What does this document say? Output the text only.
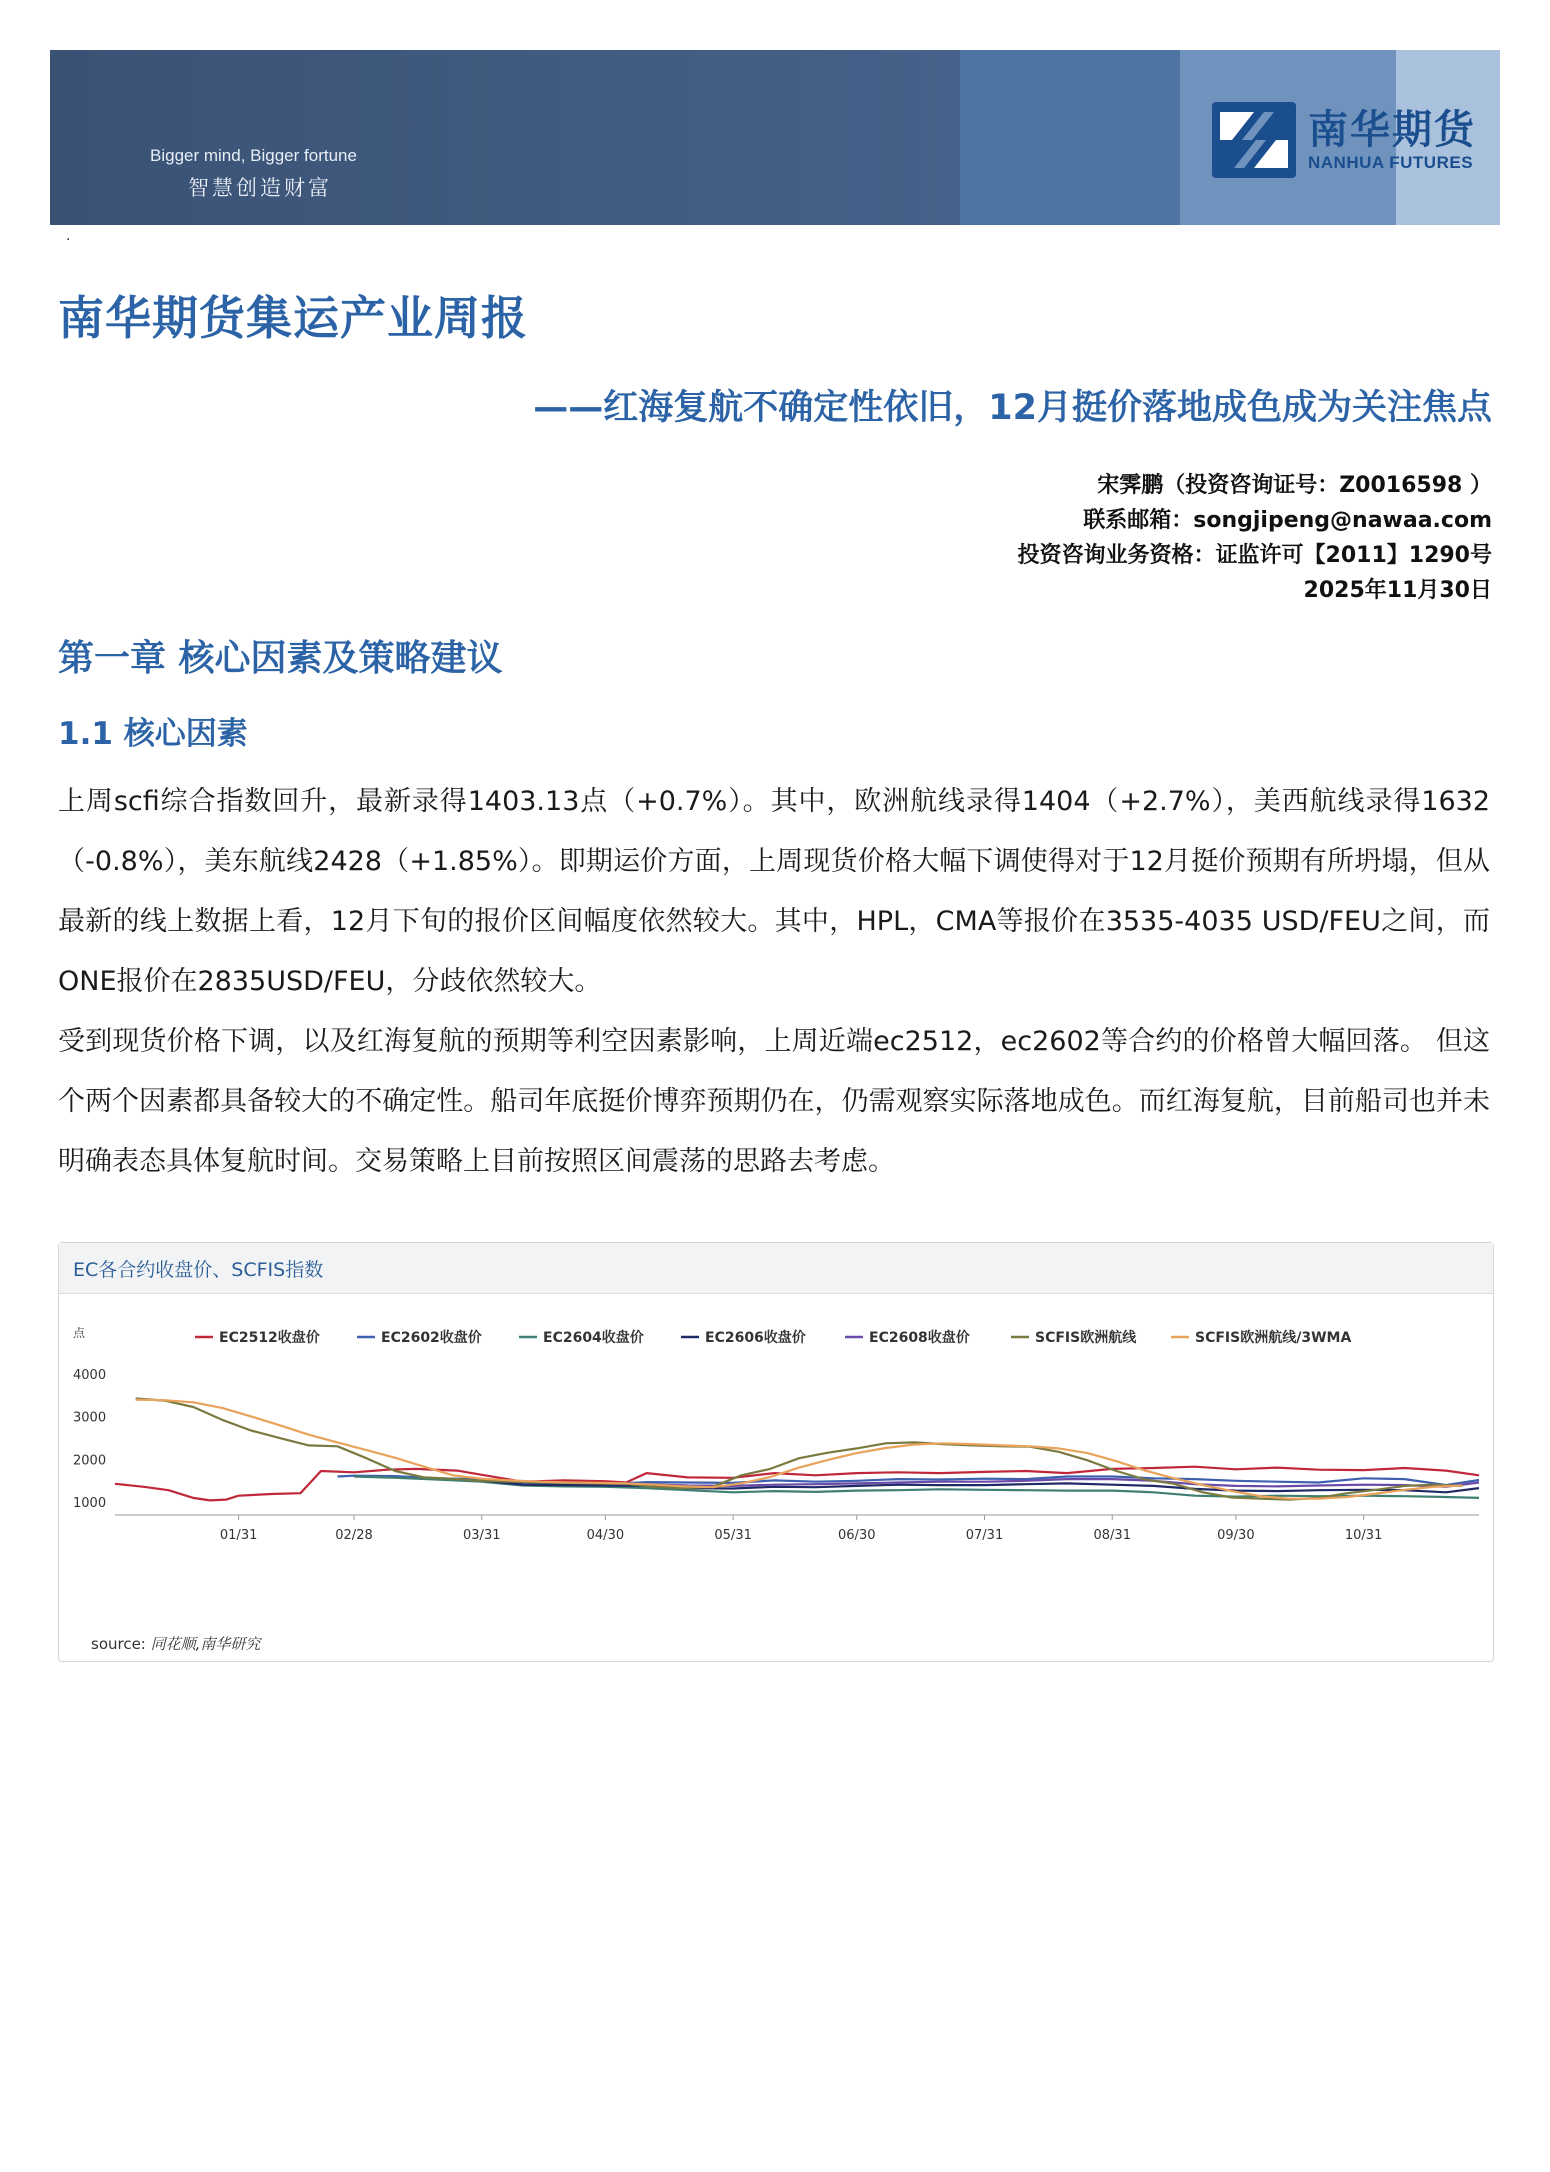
Bigger mind, Bigger fortune
智慧创造财富
南华期货
NANHUA FUTURES
.
南华期货集运产业周报
——红海复航不确定性依旧，12月挺价落地成色成为关注焦点
宋霁鹏（投资咨询证号：Z0016598 ）
联系邮箱：songjipeng@nawaa.com
投资咨询业务资格：证监许可【2011】1290号
2025年11月30日
第一章 核心因素及策略建议
1.1 核心因素

上周scfi综合指数回升，最新录得1403.13点（+0.7%）。其中，欧洲航线录得1404（+2.7%），美西航线录得1632（-0.8%），美东航线2428（+1.85%）。即期运价方面，上周现货价格大幅下调使得对于12月挺价预期有所坍塌，但从最新的线上数据上看，12月下旬的报价区间幅度依然较大。其中，HPL，CMA等报价在3535-4035 USD/FEU之间，而ONE报价在2835USD/FEU，分歧依然较大。

受到现货价格下调，以及红海复航的预期等利空因素影响，上周近端ec2512，ec2602等合约的价格曾大幅回落。 但这个两个因素都具备较大的不确定性。船司年底挺价博弈预期仍在，仍需观察实际落地成色。而红海复航，目前船司也并未明确表态具体复航时间。交易策略上目前按照区间震荡的思路去考虑。

EC各合约收盘价、SCFIS指数
点
1000
2000
3000
4000
01/31	02/28	03/31	04/30	05/31	06/30	07/31	08/31	09/30	10/31
EC2512收盘价	EC2602收盘价	EC2604收盘价	EC2606收盘价	EC2608收盘价	SCFIS欧洲航线	SCFIS欧洲航线/3WMA
source: 同花顺,南华研究
